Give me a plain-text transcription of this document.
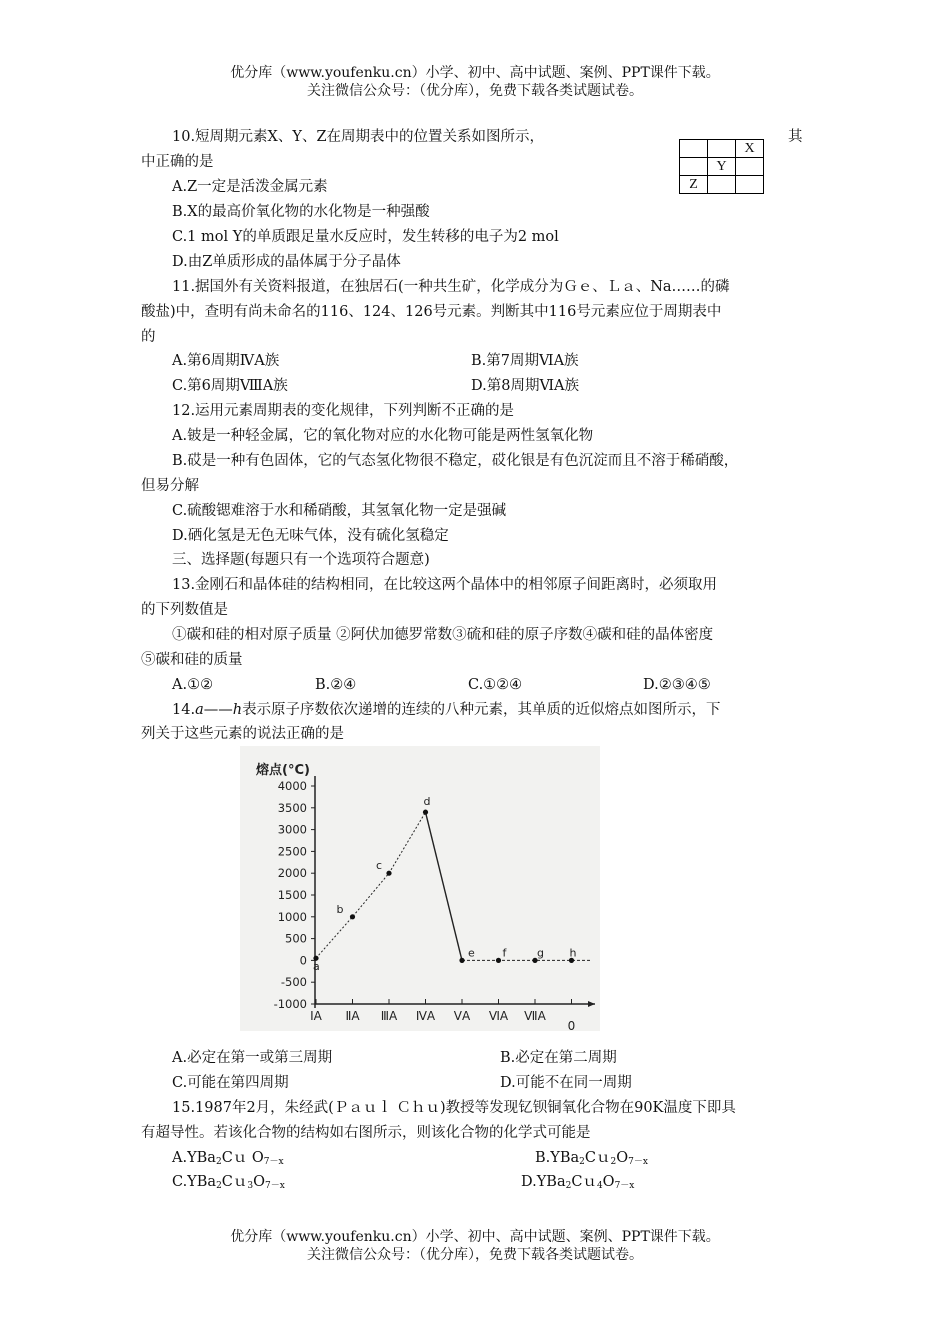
优分库（www.youfenku.cn）小学、初中、高中试题、案例、PPT课件下载。
关注微信公众号：（优分库），免费下载各类试题试卷。
10.短周期元素X、Y、Z在周期表中的位置关系如图所示，	其
中正确的是
		X
	Y	
Z		
A.Z一定是活泼金属元素
B.X的最高价氧化物的水化物是一种强酸
C.1 mol Y的单质跟足量水反应时，发生转移的电子为2 mol
D.由Z单质形成的晶体属于分子晶体
11.据国外有关资料报道，在独居石(一种共生矿，化学成分为Ｇｅ、Ｌａ、Na……的磷
酸盐)中，查明有尚未命名的116、124、126号元素。判断其中116号元素应位于周期表中
的
A.第6周期ⅣA族	B.第7周期ⅥA族
C.第6周期ⅧA族	D.第8周期ⅥA族
12.运用元素周期表的变化规律，下列判断不正确的是
A.铍是一种轻金属，它的氧化物对应的水化物可能是两性氢氧化物
B.砹是一种有色固体，它的气态氢化物很不稳定，砹化银是有色沉淀而且不溶于稀硝酸，
但易分解
C.硫酸锶难溶于水和稀硝酸，其氢氧化物一定是强碱
D.硒化氢是无色无味气体，没有硫化氢稳定
三、选择题(每题只有一个选项符合题意)
13.金刚石和晶体硅的结构相同，在比较这两个晶体中的相邻原子间距离时，必须取用
的下列数值是
①碳和硅的相对原子质量 ②阿伏加德罗常数③硫和硅的原子序数④碳和硅的晶体密度
⑤碳和硅的质量
A.①②	B.②④	C.①②④	D.②③④⑤
14.a——h表示原子序数依次递增的连续的八种元素，其单质的近似熔点如图所示，下
列关于这些元素的说法正确的是
熔点(°C)
4000
3500
3000
2500
2000
1500
1000
500
0
-500
-1000
ⅠA ⅡA ⅢA ⅣA ⅤA ⅥA ⅦA
0
a
b
c
d
e	f	g h
A.必定在第一或第三周期	B.必定在第二周期
C.可能在第四周期	D.可能不在同一周期
15.1987年2月，朱经武(Ｐａｕｌ Ｃｈｕ)教授等发现钇钡铜氧化合物在90K温度下即具
有超导性。若该化合物的结构如右图所示，则该化合物的化学式可能是
A.YBa$_2$Cｕ $O_{7-x}$	$B.YBa_2Cu_2O_{7-x}$
$C.YBa_2Cu_3O_{7-x}$	$D.YBa_2Cu_4O_{7-x}$
优分库（www.youfenku.cn）小学、初中、高中试题、案例、PPT课件下载。
关注微信公众号：（优分库），免费下载各类试题试卷。
